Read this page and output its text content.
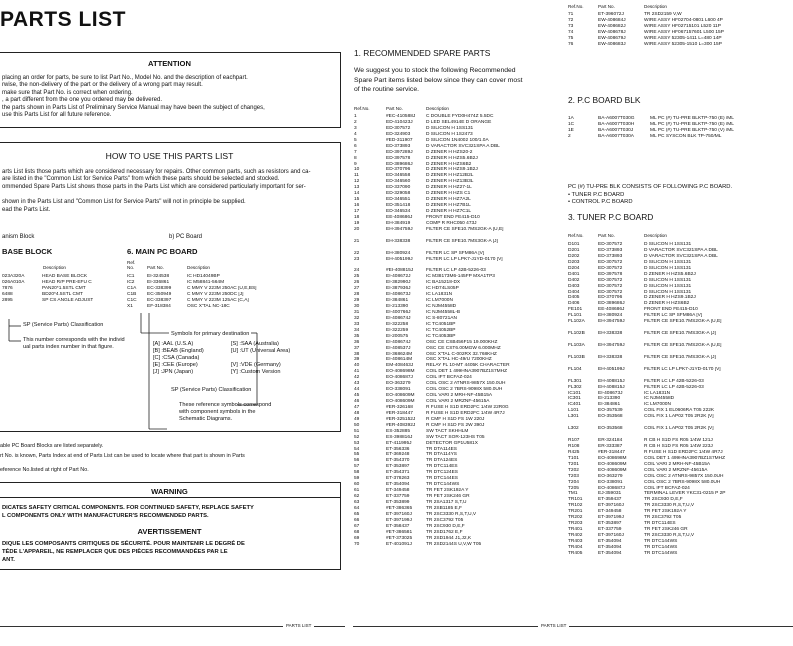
PARTS LIST
ATTENTION
placing an order for parts, be sure to list Part No., Model No. and the description of eachpart.
rwise, the non-delivery of the part or the delivery of a wrong part may result.
make sure that Part No. is correct when ordering.
, a part different from the one you ordered may be delivered.
the parts shown in Parts List of Preliminary Service Manual may have been the subject of changes,
use this Parts List for all future reference.
HOW TO USE THIS PARTS LIST
arts List lists those parts which are considered necessary for repairs. Other common parts, such as resistors and ca-
are listed in the "Common List for Service Parts" from which these parts should be selected and stocked.
ommended Spare Parts List shows those parts in the Parts List which are considered particularly important for ser-
shown in the Parts List and "Common List for Service Parts" will not in principle be supplied.
ead the Parts List.
anism Block	b) PC Board
BASE BLOCK
Description
023A320A	HEAD BASE BLOCK
026A010A	HEAD R/P PRE-EFU C
7876	PAN20*1.5STL CMT
6488	BD20*4.5STL CMT
2895	SP CS ANGLE ADJUST
6. MAIN PC BOARD
Ref. No.	Part No.	Description
IC1	EI-324538	IC HD14049BP
IC2	EI-336861	IC M58841-564M
C1A EC-338399	C MMY V 223M 250AC [U,E,BS]
C1B EC-350949	C MMY V 223M 250DC [J]
C1C EC-338397	C MMY V 223M 125AC [C,A]
X1	EF-318384	OSC X'TAL NC-18C
SP (Service Parts) Classification
This number corresponds with the individ
ual parts index number in that figure.
Symbols for primary destination
[A] :AAL (U.S.A)	[S] :SAA (Australia)
[B] :BEAB (England)	[U] :UT (Universal Area)
[C] :CSA (Canada)
[E] :CEE (Europe)	[V] :VDE (Germany)
[J] :JPN (Japan)	[Y] :Custom Version
SP (Service Parts) Classification
These reference symbols correspond
with component symbols in the
Schematic Diagrams.
able PC Board Blocks are listed separately.
rt No. is known, Parts Index at end of Parts List can be used to locate where that part is shown in Parts
eference No.listed at right of Part No.
WARNING
DICATES SAFETY CRITICAL COMPONENTS. FOR CONTINUED SAFETY, REPLACE SAFETY
L COMPONENTS ONLY WITH MANUFACTURER'S RECOMMENDED PARTS.
AVERTISSEMENT
DIQUE LES COMPOSANTS CRITIQUES DE SÉCURITÉ. POUR MAINTENIR LE DEGRÉ DE
TÉDE L'APPAREIL, NE REMPLACER QUE DES PIÈCES RECOMMANDÉES PAR LE
ANT.
PARTS LIST
1. RECOMMENDED SPARE PARTS
We suggest you to stock the following Recommended
Spare Part items listed below since they can cover most
of the routine service.
Ref.No.	Part No.	Description
1	#EC-410588J C DOUBLE FYD0H474Z 5.5DC
2	ED-410423J	D LED SEL4914E D ORANGE
3	ED-307572	D SILICON H 1SS131
4	ED-324903	D SILICON H 1S2473
5	#ED-311907	D SILICON 1N4002 100/1.0A
6	ED-373893	D VARACTOR SVC321SPA A DBL
7	ED-397289J	D ZENER H HZS20-2
8	ED-397578	D ZENER H HZS5.6B2J
9	ED-389686J	D ZENER H HZS6B2
10	ED-370796	D ZENER H HZS9.1B2J
11	ED-346558	D ZENER H HZ12B2L
12	ED-346560	D ZENER H HZ13B3L
13	ED-337090	D ZENER H HZ27-1L
14	ED-329058	D ZENER H HZS C1
15	ED-346551	D ZENER H HZ7A2L
16	ED-351418	D ZENER H HZ7B1L
17	ED-346534	D ZENER H HZ7C1L
18	EE-408686J	FRONT END FE415-D10
19	EH-384919	COMP R RHC050 473J
20	EH-394759J	FILTER CE SFE10.7MS2GK-A [U,E]
21	EH-338338	FILTER CE SFE10.7MS3GK-A [J]
22	EH-380924	FILTER LC SP SFM86A [V]
23	EH-405199J	FILTER LC LP LPK7-J1YD-0170 [V]
24	#EI-408815J	FILTER LC LP 42B-5226-03
25	EI-408672J	IC M38173M6-145FP MXA1TP3
26	EI-382990J	IC BA15218-DX
27	EI-387936J	IC HD74LS05P
28	EI-408673J	IC LA1831N
29	EI-384861	IC LM7000N
30	EI-213390	IC NJM4558D
31	EI-400766J	IC NJM4558L-B
32	EI-408674J	IC S-80721AN
33	EI-322258	IC TC4051BP
34	EI-322259	IC TC4052BP
35	EI-200575	IC TC4053BP
36	EI-408674J	OSC CE CSB456F15 19.000KHZ
37	EI-408537J	OSC CE CST6.00MGW 6.000MHZ
38	EI-368624M	OSC X'TAL C-002RX 32.768KHZ
39	EI-408614M	OSC X'TAL HC-49/U 7200KHZ
40	EM-408463J	RELAY FL 10-MT 4405K CHARACTER
41	EO-408698M COIL DET 1 499HNA3907BZ1S7MHZ
42	EO-408687J	COIL IFT BCFAZ-024
43	EO-363279	COIL OSC 2 ATNRS-9857X 150.0UH
44	EO-338091	COIL OSC 2 7BRS-9098X 580.0UH
45	EO-408609M COIL VARI 2 MRH-NF-45B15A
46	EO-408609M COIL VARI 2 MRZNF-45615A
47	#ER-326168	R FUSE H S1D ERD2FC 1/4W 22R0G
48	#ER-318447	R FUSE H S1D ERD2FC 1/4W 4R7J
49	#ER-325152J R CMF H S1D FS 1W 220J
50	#ER-408392J R CMF H S1D FS 2W 390J
51	ES-352885	SW TACT SKHHLM
52	ES-398816J	SW TACT SOR-123HS T05
53	ET-411995J	DETECTOR GP1U581X
54	ET-356336	TR DTA114ES
55	ET-369248	TR DTA114YS
56	ET-354370	TR DTA124ES
57	ET-353897	TR DTC114ES
58	ET-354371	TR DTC124ES
59	ET-378263	TR DTC144ES
60	ET-354094	TR DTC144WS
61	ET-349458	TR FET 2SK192A Y
62	ET-337759	TR FET 2SK246 GR
63	ET-353899	TR 2SA1317 S,T,U
64	#ET-386365	TR 2SB1185 E,F
65	ET-397160J	TR 2SC3330 R,S,T,U,V
66	ET-397199J	TR 2SC3792 T05
67	ET-358437	TR 2SC930 D,E,F
68	#ET-386581	TR 2SD1762 E,F
69	#ET-373025	TR 2SD1944 J1,J2,K
70	ET-401091J	TR 2SD2144S U,V,W T05
Ref.No.	Part No.	Description
71	ET-396072J	TR 2SD2159 V,W
72	EW-408684J	WIRE ASSY HF02704-0801 L600 4P
73	EW-408682J	WIRE ASSY HF02715101 L520 11P
74	EW-408678J	WIRE ASSY HF067157601 L500 15P
75	EW-408679J	WIRE ASSY 52305-1411 L=480 14P
76	EW-408683J	WIRE ASSY 52305-1510 L=300 15P
2. P.C BOARD BLK
1A	BA-A6007T030G	ML PC (#) TU-PRE BLKTP-750 (E) /ML
1C	BA-A6007T030H	ML PC (#) TU-PRE BLKTP-750 (E) /ML
1E	BA-A6007T030J	ML PC (#) TU-PRE BLKTP-750 (V) /ML
2	BA-A6007T030A	ML PC SYSCON BLK TP-750/ML
PC (#) TU-PRE BLK CONSISTS OF FOLLOWING P.C BOARD.
• TUNER P.C BOARD
• CONTROL P.C BOARD
3. TUNER P.C BOARD
Ref.No.	Part No.	Description
D101	ED-307572	D SILICON H 1SS131
D201	ED-373893	D VARACTOR SVC321SPA A DBL
D202	ED-373893	D VARACTOR SVC321SPA A DBL
D203	ED-307572	D SILICON H 1SS131
D204	ED-307572	D SILICON H 1SS131
D401	ED-397578	D ZENER H HZS5.6B2J
D402	ED-307572	D SILICON H 1SS131
D403	ED-307572	D SILICON H 1SS131
D404	ED-307572	D SILICON H 1SS131
D405	ED-370796	D ZENER H HZS9.1B2J
D406	ED-389686J	D ZENER H HZS6B2
FE101	EE-408686J	FRONT END FE415-D10
FL101	EH-380924	FILTER LC SP SFM86A [V]
FL102A	EH-394759J	FILTER CE SFE10.7MS2GK-A [U,E]
FL102B	EH-338338	FILTER CE SFE10.7MS3GK-A [J]
FL103A	EH-394759J	FILTER CE SFE10.7MS2GK-A [U,E]
FL103B	EH-338338	FILTER CE SFE10.7MS3GK-A [J]
FL104	EH-405199J	FILTER LC LP LPK7-J1YD-0170 [V]
FL301	EH-408815J	FILTER LC LP 42B-5226-03
FL302	EH-408815J	FILTER LC LP 42B-5226-03
IC101	EI-408673J	IC LA1831N
IC301	EI-213390	IC NJM4558D
IC401	EI-384861	IC LM7000N
L101	EO-357539	COIL FIX 1 EL0606RA T05 222K
L301	EO-353568	COIL FIX 1 LAP02 T05 2R2K [V]
L302	EO-353568	COIL FIX 1 LAP02 T05 2R2K [V]
R107	ER-324184	R CB H S1D FS R05 1/4W 121J
R108	ER-333387	R CB H S1D FS R05 1/4W 223J
R425	#ER-318447	R FUSE H S1D ERD2FC 1/4W 4R7J
T101	EO-408698M	COIL DET 1 499HNA3907BZ1S7MHZ
T201	EO-408609M	COIL VARI 2 MRH-NF-45B15A
T202	EO-408609M	COIL VARI 2 MRZNF-45615A
T203	EO-363279	COIL OSC 2 ATNRS-9857X 150.0UH
T204	EO-338091	COIL OSC 2 7BRS-9098X 580.0UH
T205	EO-408687J	COIL IFT BCFAZ-024
TM1	EJ-359031	TERMINAL LEVER YKC31-0215 P 2P
TR101	ET-359437	TR 2SC930 D,E,F
TR102	ET-397160J	TR 2SC3330 R,S,T,U,V
TR201	ET-349458	TR FET 2SK192A Y
TR202	ET-397199J	TR 2SC3792 T05
TR203	ET-353897	TR DTC114ES
TR401	ET-337759	TR FET 2SK246 GR
TR402	ET-397160J	TR 2SC3330 R,S,T,U,V
TR403	ET-354094	TR DTC144WS
TR404	ET-354094	TR DTC144WS
TR405	ET-354094	TR DTC144WS
PARTS LIST
